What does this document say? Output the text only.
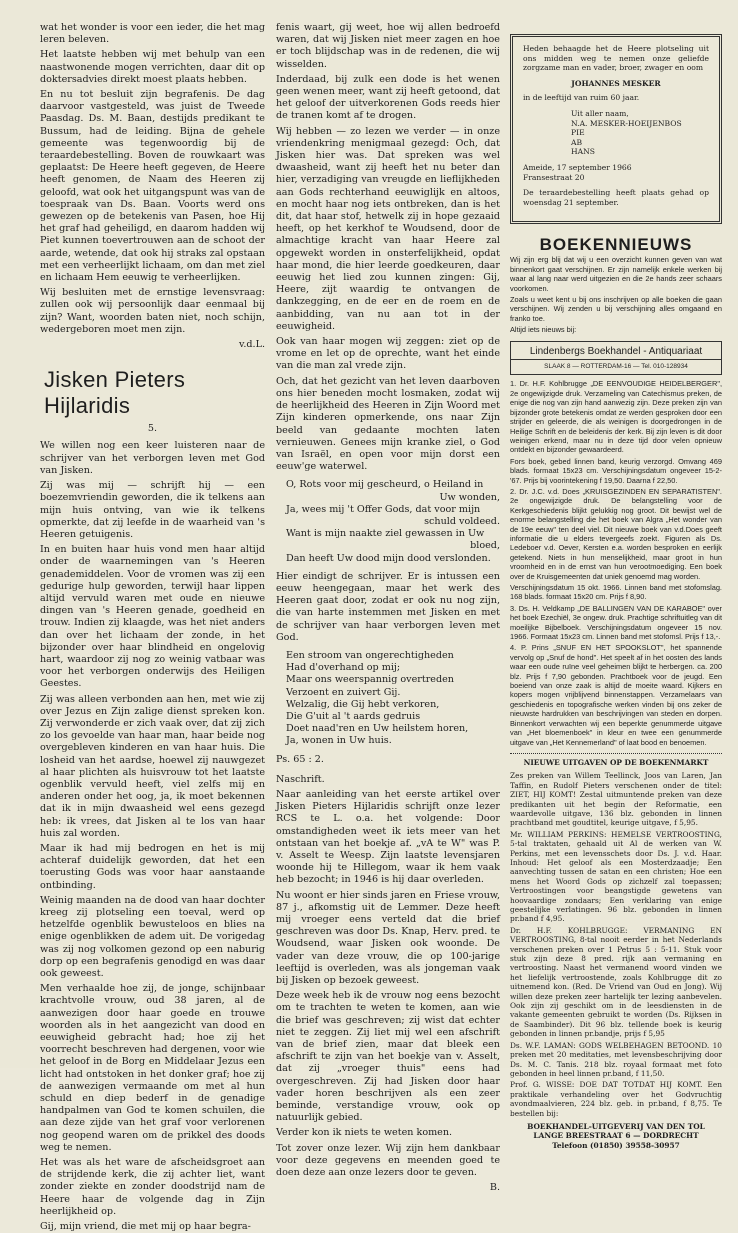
wat het wonder is voor een ieder, die het mag leren beleven.

Het laatste hebben wij met behulp van een naastwonende mogen verrichten, daar dit op doktersadvies direkt moest plaats hebben.

En nu tot besluit zijn begrafenis. De dag daarvoor vastgesteld, was juist de Tweede Paasdag. Ds. M. Baan, destijds predikant te Bussum, had de leiding. Bijna de gehele gemeente was tegenwoordig bij de teraardebestelling. Boven de rouwkaart was geplaatst: De Heere heeft gegeven, de Heere heeft genomen, de Naam des Heeren zij geloofd, wat ook het uitgangspunt was van de toespraak van Ds. Baan. Voorts werd ons gewezen op de betekenis van Pasen, hoe Hij het graf had geheiligd, en daarom hadden wij Piet kunnen toevertrouwen aan de schoot der aarde, wetende, dat ook hij straks zal opstaan met een verheerlijkt lichaam, om dan met ziel en lichaam Hem eeuwig te verheerlijken.

Wij besluiten met de ernstige levensvraag: zullen ook wij persoonlijk daar eenmaal bij zijn? Want, woorden baten niet, noch schijn, wedergeboren moet men zijn.

v.d.L.
Jisken Pieters Hijlaridis
5.

We willen nog een keer luisteren naar de schrijver van het verborgen leven met God van Jisken.

Zij was mij — schrijft hij — een boezemvriendin geworden, die ik telkens aan mijn huis ontving, van wie ik telkens opmerkte, dat zij leefde in de waarheid van 's Heeren getuigenis.

In en buiten haar huis vond men haar altijd onder de waarnemingen van 's Heeren genademiddelen. Voor de vromen was zij een gedurige hulp geworden, terwijl haar lippen altijd vervuld waren met oude en nieuwe dingen van 's Heeren genade, goedheid en trouw. Indien zij klaagde, was het niet anders dan over het lichaam der zonde, in het bijzonder over haar blindheid en ongelovig hart, waardoor zij nog zo weinig vatbaar was voor het verborgen onderwijs des Heiligen Geestes.

Zij was alleen verbonden aan hen, met wie zij over Jezus en Zijn zalige dienst spreken kon. Zij verwonderde er zich vaak over, dat zij zich zo los gevoelde van haar man, haar beide nog overgebleven kinderen en van haar huis. Die losheid van het aardse, hoewel zij nauwgezet al haar plichten als huisvrouw tot het laatste ogenblik vervuld heeft, viel zelfs mij en anderen onder het oog, ja, ik moet bekennen dat ik in mijn dwaasheid wel eens gezegd heb: ik vrees, dat Jisken al te los van haar huis zal worden.

Maar ik had mij bedrogen en het is mij achteraf duidelijk geworden, dat het een toerusting Gods was voor haar aanstaande ontbinding.

Weinig maanden na de dood van haar dochter kreeg zij plotseling een toeval, werd op hetzelfde ogenblik bewusteloos en blies na enige ogenblikken de adem uit. De vorigedag was zij nog volkomen gezond op een naburig dorp op een begrafenis genodigd en was daar ook geweest.

Men verhaalde hoe zij, de jonge, schijnbaar krachtvolle vrouw, oud 38 jaren, al de aanwezigen door haar goede en trouwe woorden als in het aangezicht van dood en eeuwigheid gebracht had; hoe zij het voorrecht beschreven had dergenen, voor wie het geloof in de Borg en Middelaar Jezus een licht had ontstoken in het donker graf; hoe zij de aanwezigen vermaande om met al hun schuld en diep bederf in de genadige handpalmen van God te komen schuilen, die aan deze zijde van het graf voor verlorenen nog geopend waren om de prikkel des doods weg te nemen.

Het was als het ware de afscheidsgroet aan de strijdende kerk, die zij achter liet, want zonder ziekte en zonder doodstrijd nam de Heere haar de volgende dag in Zijn heerlijkheid op.

Gij, mijn vriend, die met mij op haar begra-

fenis waart, gij weet, hoe wij allen bedroefd waren, dat wij Jisken niet meer zagen en hoe er toch blijdschap was in de redenen, die wij wisselden.

Inderdaad, bij zulk een dode is het wenen geen wenen meer, want zij heeft getoond, dat het geloof der uitverkorenen Gods reeds hier de tranen komt af te drogen.

Wij hebben — zo lezen we verder — in onze vriendenkring menigmaal gezegd: Och, dat Jisken hier was. Dat spreken was wel dwaasheid, want zij heeft het nu beter dan hier, verzadiging van vreugde en lieflijkheden aan Gods rechterhand eeuwiglijk en altoos, en mocht haar nog iets ontbreken, dan is het dit, dat haar stof, hetwelk zij in hope gezaaid heeft, op het kerkhof te Woudsend, door de almachtige kracht van haar Heere zal opgewekt worden in onsterfelijkheid, opdat haar mond, die hier leerde goedkeuren, daar eeuwig het lied zou kunnen zingen: Gij, Heere, zijt waardig te ontvangen de dankzegging, en de eer en de roem en de aanbidding, van nu aan tot in der eeuwigheid.

Ook van haar mogen wij zeggen: ziet op de vrome en let op de oprechte, want het einde van die man zal vrede zijn.

Och, dat het gezicht van het leven daarboven ons hier beneden mocht losmaken, zodat wij de heerlijkheid des Heeren in Zijn Woord met Zijn kinderen opmerkende, ons naar Zijn beeld van gedaante mochten laten vernieuwen. Genees mijn kranke ziel, o God van Israël, en open voor mijn dorst een eeuw'ge waterwel.

O, Rots voor mij gescheurd, o Heiland in
Uw wonden,
Ja, wees mij 't Offer Gods, dat voor mijn
schuld voldeed.
Want is mijn naakte ziel gewassen in Uw
bloed,
Dan heeft Uw dood mijn dood verslonden.

Hier eindigt de schrijver. Er is intussen een eeuw heengegaan, maar het werk des Heeren gaat door, zodat er ook nu nog zijn, die van harte instemmen met Jisken en met de schrijver van haar verborgen leven met God.

Een stroom van ongerechtigheden
Had d'overhand op mij;
Maar ons weerspannig overtreden
Verzoent en zuivert Gij.
Welzalig, die Gij hebt verkoren,
Die G'uit al 't aards gedruis
Doet naad'ren en Uw heilstem horen,
Ja, wonen in Uw huis.

Ps. 65 : 2.

Naschrift.

Naar aanleiding van het eerste artikel over Jisken Pieters Hijlaridis schrijft onze lezer RCS te L. o.a. het volgende: Door omstandigheden weet ik iets meer van het ontstaan van het boekje af. „vA te W" was P. v. Asselt te Weesp. Zijn laatste levensjaren woonde hij te Hillegom, waar ik hem vaak heb bezocht; in 1946 is hij daar overleden.

Nu woont er hier sinds jaren en Friese vrouw, 87 j., afkomstig uit de Lemmer. Deze heeft mij vroeger eens verteld dat die brief geschreven was door Ds. Knap, Herv. pred. te Woudsend, waar Jisken ook woonde. De vader van deze vrouw, die op 100-jarige leeftijd is overleden, was als jongeman vaak bij Jisken op bezoek geweest.

Deze week heb ik de vrouw nog eens bezocht om te trachten te weten te komen, aan wie die brief was geschreven; zij wist dat echter niet te zeggen. Zij liet mij wel een afschrift van de brief zien, maar dat bleek een afschrift te zijn van het boekje van v. Asselt, dat zij „vroeger thuis" eens had overgeschreven. Zij had Jisken door haar vader horen beschrijven als een zeer beminde, verstandige vrouw, ook op natuurlijk gebied.

Verder kon ik niets te weten komen.

Tot zover onze lezer. Wij zijn hem dankbaar voor deze gegevens en meenden goed te doen deze aan onze lezers door te geven.

B.

Heden behaagde het de Heere plotseling uit ons midden weg te nemen onze geliefde zorgzame man en vader, broer, zwager en oom

JOHANNES MESKER

in de leeftijd van ruim 60 jaar.

Uit aller naam,
N.A. MESKER-HOEIJENBOS
PIE
AB
HANS
Ameide, 17 september 1966
Fransestraat 20

De teraardebestelling heeft plaats gehad op woensdag 21 september.

BOEKENNIEUWS

Wij zijn erg blij dat wij u een overzicht kunnen geven van wat binnenkort gaat verschijnen. Er zijn namelijk enkele werken bij waar al lang naar werd uitgezien en die 2e hands zeer schaars voorkomen.

Zoals u weet kent u bij ons inschrijven op alle boeken die gaan verschijnen. Wij zenden u bij verschijning alles omgaand en franko toe.

Altijd iets nieuws bij:

Lindenbergs Boekhandel - Antiquariaat
SLAAK 8 — ROTTERDAM-16 — Tel. 010-128934

1. Dr. H.F. Kohlbrugge „DE EENVOUDIGE HEIDELBERGER", 2e ongewijzigde druk. Verzameling van Catechismus preken, de enige die nog van zijn hand aanwezig zijn. Deze preken zijn van bijzonder grote betekenis omdat ze werden gesproken door een strijder en geleerde, die als weinigen is doorgedrongen in de Heilige Schrift en de beleidenis der kerk. Bij zijn leven is dit door weinigen erkend, maar nu in deze tijd door velen opnieuw ontdekt en bijzonder gewaardeerd.

Fors boek, gebed linnen band, keurig verzorgd. Omvang 469 blads. formaat 15x23 cm. Verschijningsdatum ongeveer 15-2-'67. Prijs bij voorintekening f 19,50. Daarna f 22,50.

2. Dr. J.C. v.d. Does „KRUISGEZINDEN EN SEPARATISTEN". 2e ongewijzigde druk. De belangstelling voor de Kerkgeschiedenis blijkt gelukkig nog groot. Dit bewijst wel de enorme belangstelling die het boek van Algra „Het wonder van de 19e eeuw" ten deel viel. Dit nieuwe boek van v.d.Does geeft informatie die u elders tevergeefs zoekt. Figuren als Ds. Ledeboer v.d. Oever, Kersten e.a. worden besproken en eerlijk getekend. Niets in hun menselijkheid, maar groot in hun vroomheid en in de ernst van hun verootmoediging. Een boek over de Kruisgemeenten dat uniek genoemd mag worden.

Verschijningsdatum 15 okt. 1966. Linnen band met stofomslag. 168 blads. formaat 15x20 cm. Prijs f 8,90.

3. Ds. H. Veldkamp „DE BALLINGEN VAN DE KARABOE" over het boek Ezechiël, 3e ongew. druk. Prachtige schriftuitleg van dit moeilijke Bijbelboek. Verschijningsdatum ongeveer 15 nov. 1966. Formaat 15x23 cm. Linnen band met stofomsl. Prijs f 13,-.

4. P. Prins „SNUF EN HET SPOOKSLOT", het spannende vervolg op „Snuf de hond". Het speelt af in het oosten des lands waar een oude ruïne veel geheimen blijkt te herbergen. ca. 200 blz. Prijs f 7,90 gebonden. Prachtboek voor de jeugd. Een boeiend van onze zaak is altijd de moeite waard. Kijkers en kopers mogen vrijblijvend binnenstappen. Verzamelaars van geschiedenis en topografische werken vinden bij ons zeker de nieuwste hardrukken van beschrijvingen van steden en dorpen. Binnenkort verwachten wij een beperkte genummerde uitgave van „Het bloemenboek" in kleur en twee een genummerde uitgave van „Het Kennemerland" of laat bood en benoemen.

NIEUWE UITGAVEN OP DE BOEKENMARKT

Zes preken van Willem Teellinck, Joos van Laren, Jan Taffin, en Rudolf Pieters verschenen onder de titel: ZIET, HIJ KOMT! Zestal uitmuntende preken van deze predikanten uit het begin der Reformatie, een waardevolle uitgave, 136 blz. gebonden in linnen prachtband met goudtitel, keurige uitgave, f 5,95.

Mr. WILLIAM PERKINS: HEMELSE VERTROOSTING, 5-tal traktaten, gehaald uit Al de werken van W. Perkins, met een levensschets door Ds. J. v.d. Haar. Inhoud: Het geloof als een Mosterdzaadje; Een aanvechting tussen de satan en een christen; Hoe een mens het Woord Gods op zichzelf zal toepassen; Vertroostingen voor beangstigde gewetens van hoovaardige zondaars; Een verklaring van enige geestelijke verlatingen. 96 blz. gebonden in linnen pr.band f 4,95.

Dr. H.F. KOHLBRUGGE: VERMANING EN VERTROOSTING, 8-tal nooit eerder in het Nederlands verschenen preken over 1 Petrus 5 : 5-11. Stuk voor stuk zijn deze 8 pred. rijk aan vermaning en vertroosting. Naast het vermanend woord vinden we het liefelijk vertroostende, zoals Kohlbrugge dit zo uitnemend kon. (Red. De Vriend van Oud en Jong). Wij willen deze preken zeer hartelijk ter lezing aanbevelen. Ook zijn zij geschikt om in de leesdiensten in de vakante gemeenten gebruikt te worden (Ds. Rijksen in de Saambinder). Dit 96 blz. tellende boek is keurig gebonden in linnen pr.bandje, prijs f 5,95

Ds. W.F. LAMAN: GODS WELBEHAGEN BETOOND. 10 preken met 20 meditaties, met levensbeschrijving door Ds. M. C. Tanis. 218 blz. royaal formaat met foto gebonden in heel linnen pr.band, f 11,50.

Prof. G. WISSE: DOE DAT TOTDAT HIJ KOMT. Een praktikale verhandeling over het Godvruchtig avondmaalvieren, 224 blz. geb. in pr.band, f 8,75. Te bestellen bij:

BOEKHANDEL-UITGEVERIJ VAN DEN TOL
LANGE BREESTRAAT 6 — DORDRECHT
Telefoon (01850) 39558-30957
